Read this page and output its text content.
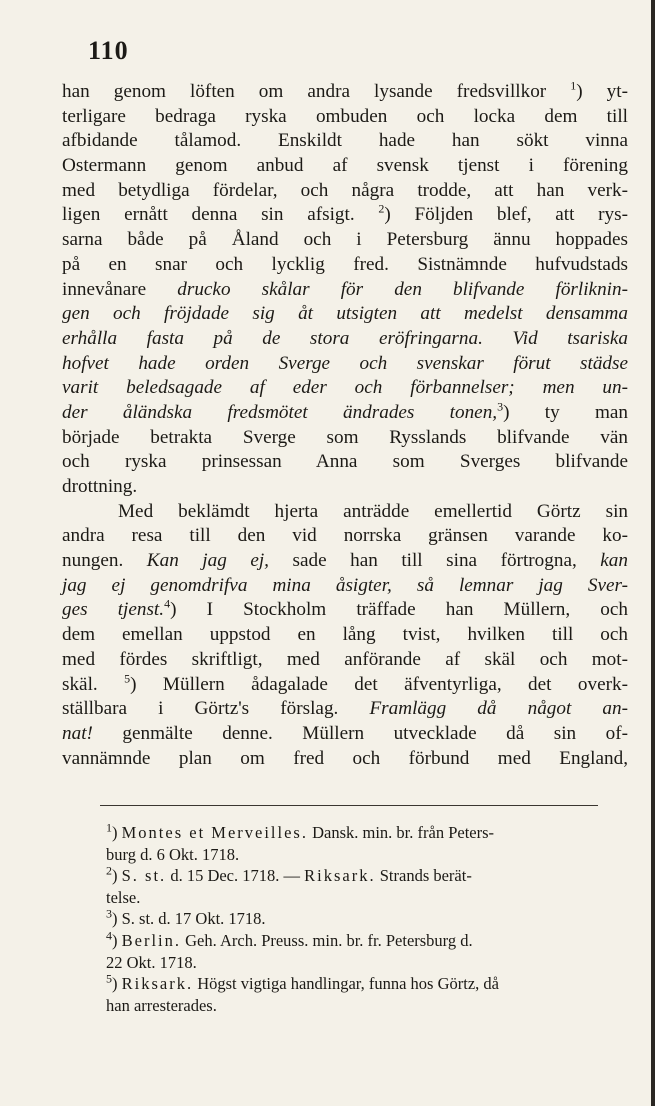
110
han genom löften om andra lysande fredsvillkor $^1$) yt-
terligare bedraga ryska ombuden och locka dem till
afbidande tålamod. Enskildt hade han sökt vinna
Ostermann genom anbud af svensk tjenst i förening
med betydliga fördelar, och några trodde, att han verk-
ligen ernått denna sin afsigt. $^2$) Följden blef, att rys-
sarna både på Åland och i Petersburg ännu hoppades
på en snar och lycklig fred. Sistnämnde hufvudstads
innevånare drucko skålar för den blifvande förliknin-
gen och fröjdade sig åt utsigten att medelst densamma
erhålla fasta på de stora eröfringarna. Vid tsariska
hofvet hade orden Sverge och svenskar förut städse
varit beledsagade af eder och förbannelser; men un-
der åländska fredsmötet ändrades tonen,$^3$) ty man
började betrakta Sverge som Rysslands blifvande vän
och ryska prinsessan Anna som Sverges blifvande
drottning.
Med beklämdt hjerta anträdde emellertid Görtz sin
andra resa till den vid norrska gränsen varande ko-
nungen. Kan jag ej, sade han till sina förtrogna, kan
jag ej genomdrifva mina åsigter, så lemnar jag Sver-
ges tjenst.$^4$) I Stockholm träffade han Müllern, och
dem emellan uppstod en lång tvist, hvilken till och
med fördes skriftligt, med anförande af skäl och mot-
skäl. $^5$) Müllern ådagalade det äfventyrliga, det overk-
ställbara i Görtz's förslag. Framlägg då något an-
nat! genmälte denne. Müllern utvecklade då sin of-
vannämnde plan om fred och förbund med England,
$^1$) Montes et Merveilles. Dansk. min. br. från Peters-
burg d. 6 Okt. 1718.
$^2$) S. st. d. 15 Dec. 1718. — Riksark. Strands berät-
telse.
$^3$) S. st. d. 17 Okt. 1718.
$^4$) Berlin. Geh. Arch. Preuss. min. br. fr. Petersburg d.
22 Okt. 1718.
$^5$) Riksark. Högst vigtiga handlingar, funna hos Görtz, då
han arresterades.
